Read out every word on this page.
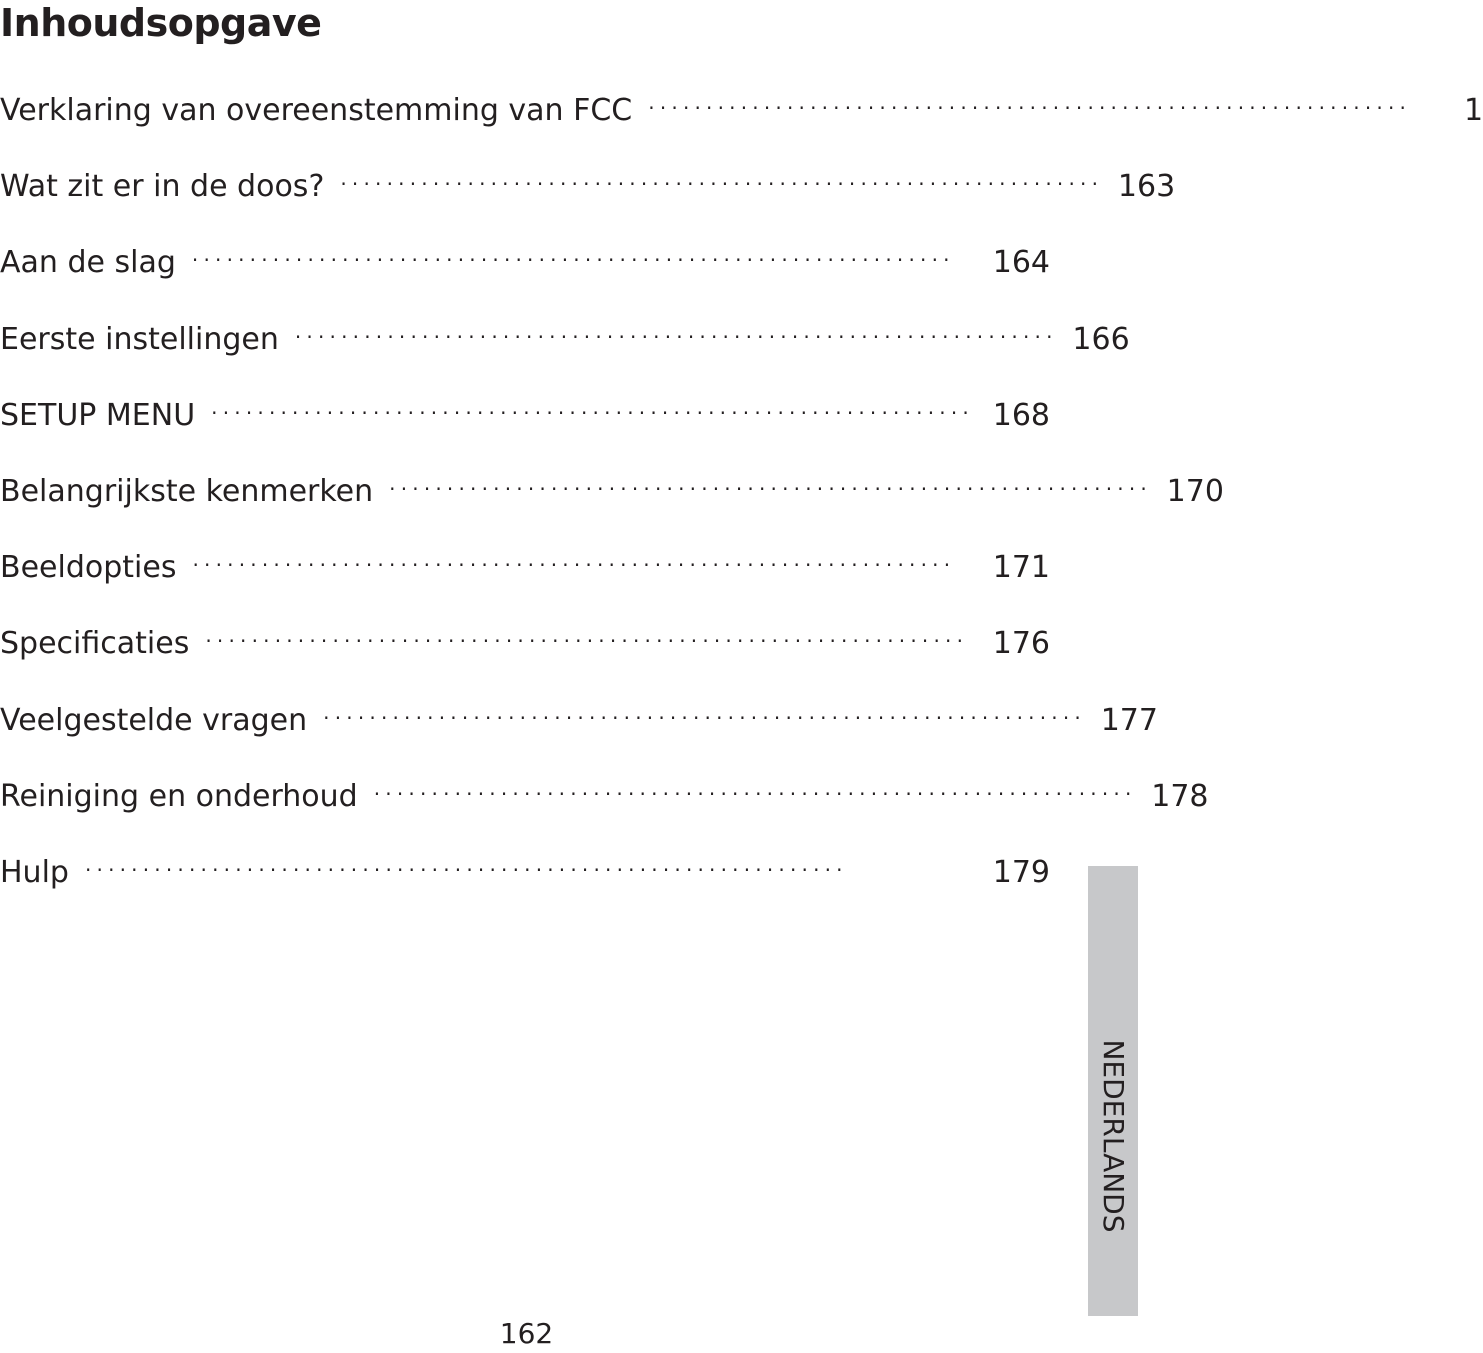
Inhoudsopgave
Verklaring van overeenstemming van FCC ··································································	1
Wat zit er in de doos? ·································································· 163
Aan de slag ··································································	164
Eerste instellingen ·································································· 166
SETUP MENU ·································································· 168
Belangrijkste kenmerken ·································································· 170
Beeldopties ··································································	171
Specificaties ·································································· 176
Veelgestelde vragen ·································································· 177
Reiniging en onderhoud ·································································· 178
Hulp ··································································	179
NEDERLANDS
162
